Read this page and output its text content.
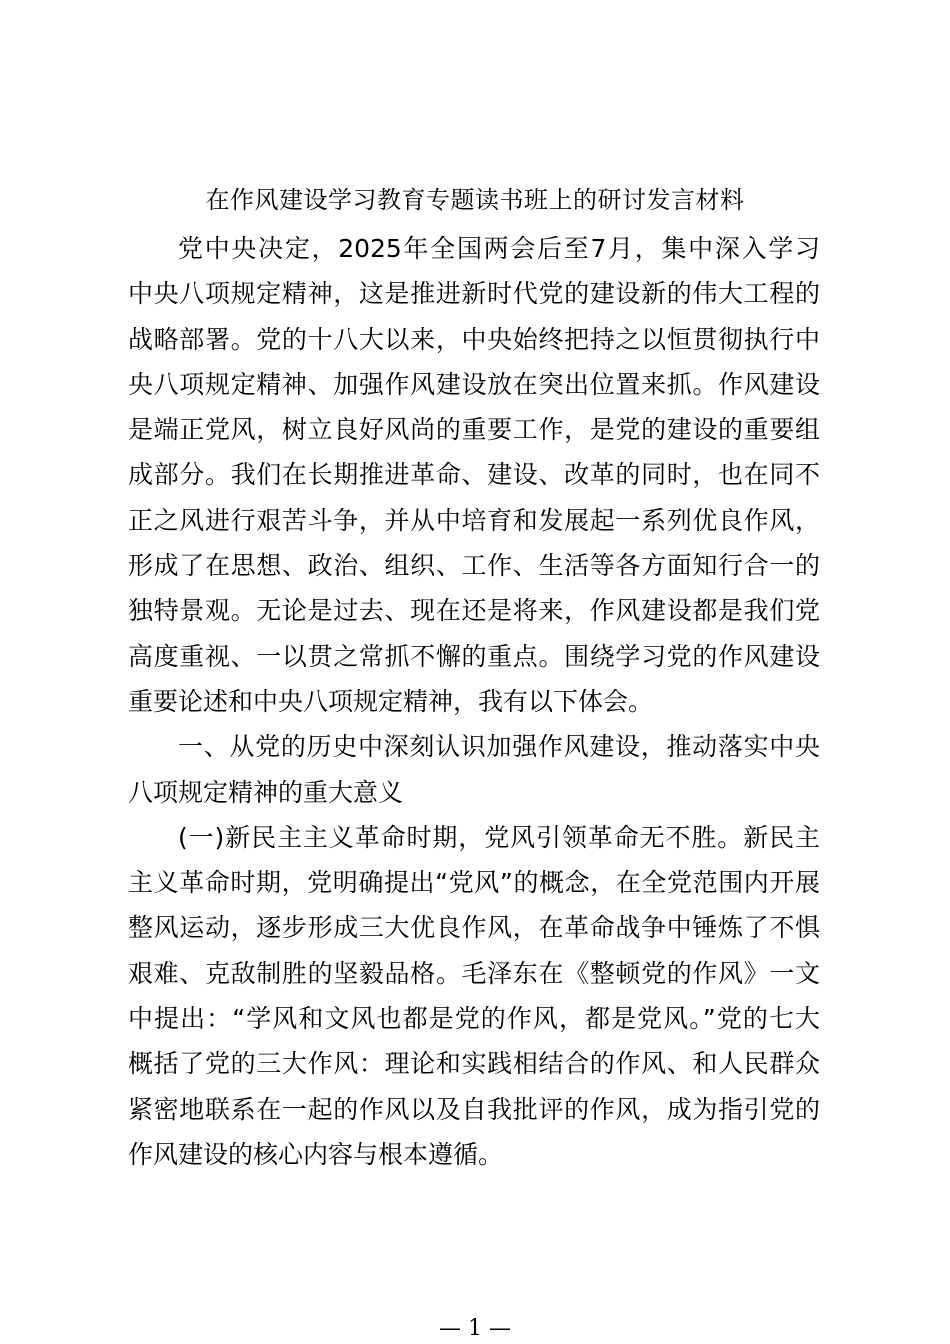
在作风建设学习教育专题读书班上的研讨发言材料
党中央决定，2025年全国两会后至7月，集中深入学习
中央八项规定精神，这是推进新时代党的建设新的伟大工程的
战略部署。党的十八大以来，中央始终把持之以恒贯彻执行中
央八项规定精神、加强作风建设放在突出位置来抓。作风建设
是端正党风，树立良好风尚的重要工作，是党的建设的重要组
成部分。我们在长期推进革命、建设、改革的同时，也在同不
正之风进行艰苦斗争，并从中培育和发展起一系列优良作风，
形成了在思想、政治、组织、工作、生活等各方面知行合一的
独特景观。无论是过去、现在还是将来，作风建设都是我们党
高度重视、一以贯之常抓不懈的重点。围绕学习党的作风建设
重要论述和中央八项规定精神，我有以下体会。
一、从党的历史中深刻认识加强作风建设，推动落实中央
八项规定精神的重大意义
(一)新民主主义革命时期，党风引领革命无不胜。新民主
主义革命时期，党明确提出“党风”的概念，在全党范围内开展
整风运动，逐步形成三大优良作风，在革命战争中锤炼了不惧
艰难、克敌制胜的坚毅品格。毛泽东在《整顿党的作风》一文
中提出：“学风和文风也都是党的作风，都是党风。”党的七大
概括了党的三大作风：理论和实践相结合的作风、和人民群众
紧密地联系在一起的作风以及自我批评的作风，成为指引党的
作风建设的核心内容与根本遵循。
— 1 —
